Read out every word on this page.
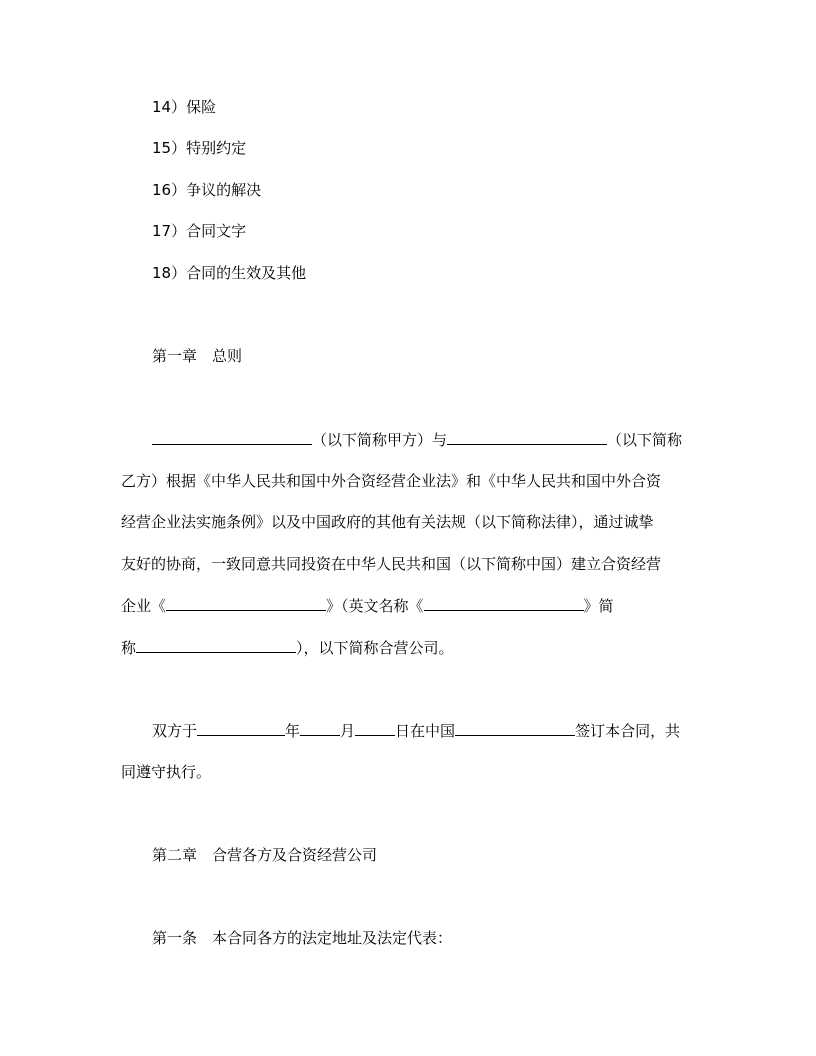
14）保险
15）特别约定
16）争议的解决
17）合同文字
18）合同的生效及其他
第一章　总则
（以下简称甲方）与	（以下简称
乙方）根据《中华人民共和国中外合资经营企业法》和《中华人民共和国中外合资
经营企业法实施条例》以及中国政府的其他有关法规（以下简称法律），通过诚挚
友好的协商，一致同意共同投资在中华人民共和国（以下简称中国）建立合资经营
企业《	》（英文名称《	》简
称	），以下简称合营公司。
双方于	年	月	日在中国	签订本合同，共
同遵守执行。
第二章　合营各方及合资经营公司
第一条　本合同各方的法定地址及法定代表：
